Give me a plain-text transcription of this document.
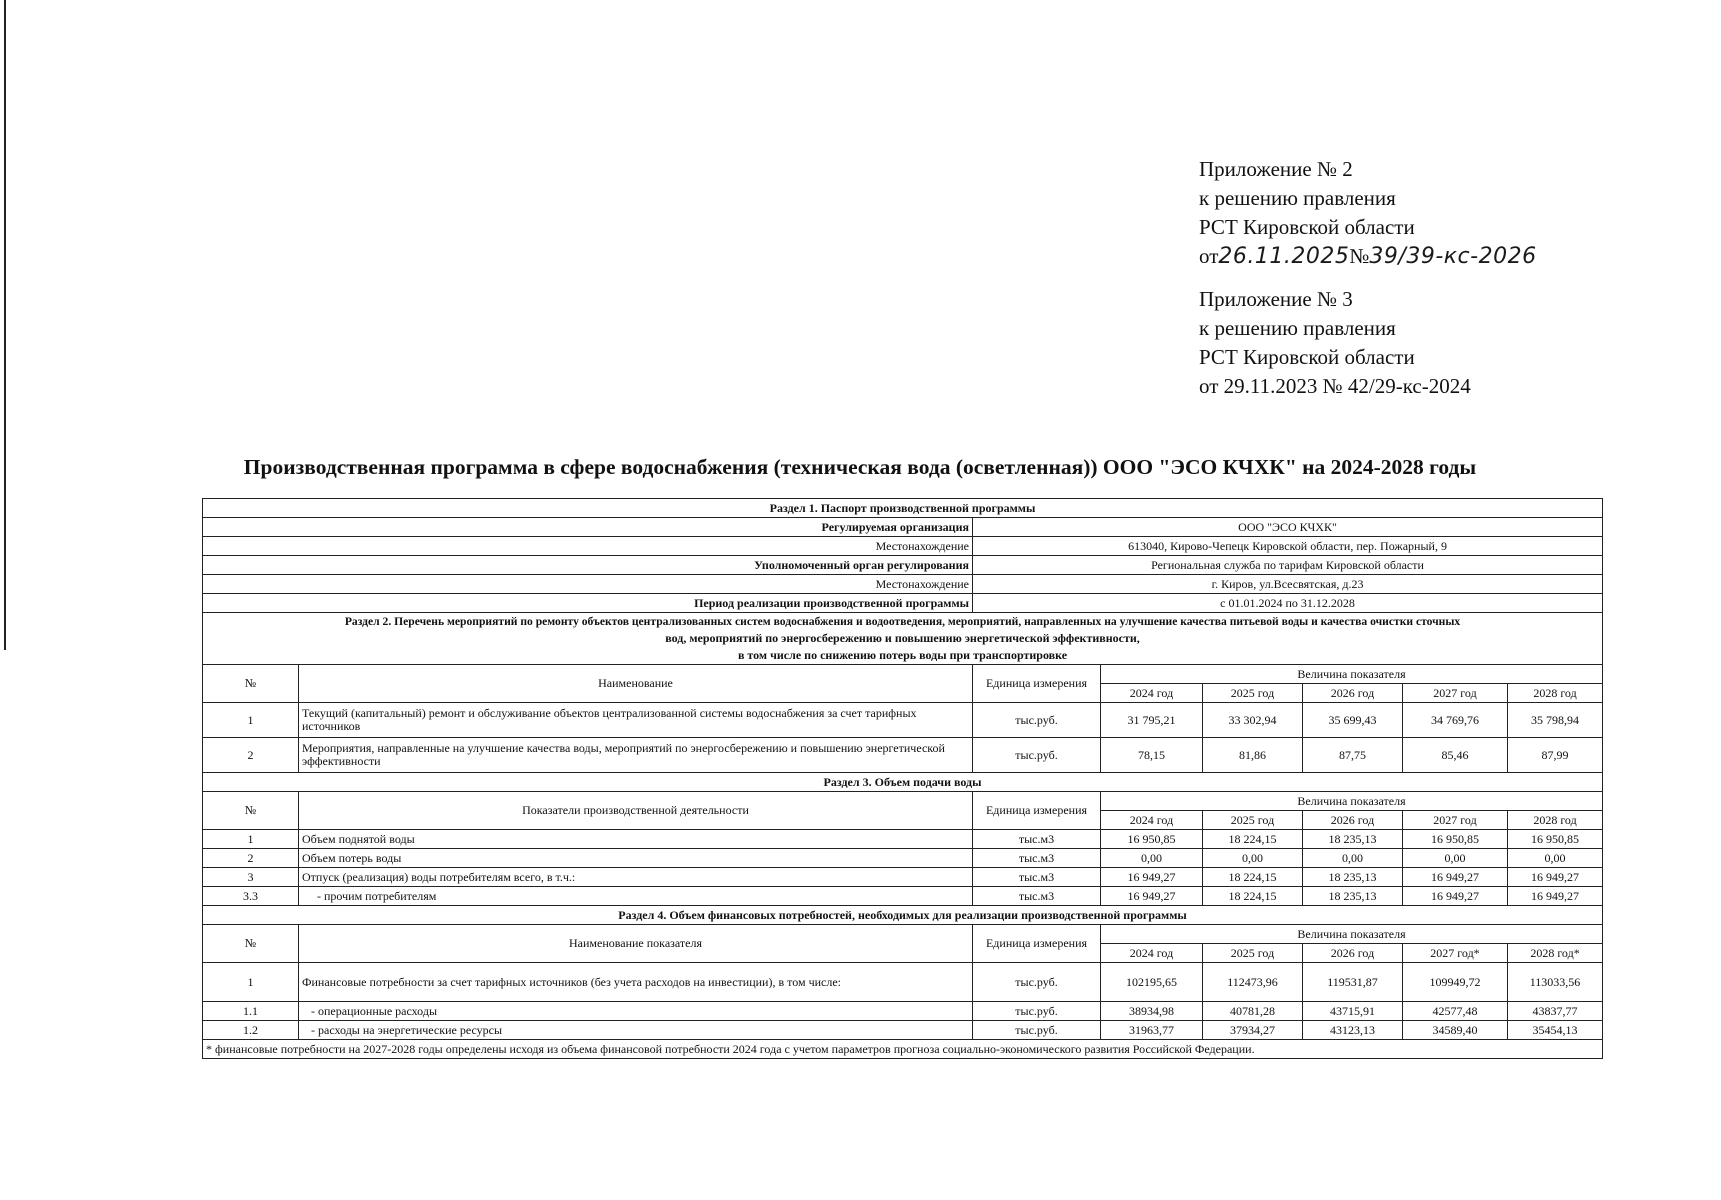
Приложение № 2
к решению правления
РСТ Кировской области
от26.11.2025№39/39-кс-2026
Приложение № 3
к решению правления
РСТ Кировской области
от 29.11.2023 № 42/29-кс-2024
Производственная программа в сфере водоснабжения (техническая вода (осветленная)) ООО "ЭСО КЧХК" на 2024-2028 годы
Раздел 1. Паспорт производственной программы							
Регулируемая организация		ООО "ЭСО КЧХК"					
Местонахождение		613040, Кирово-Чепецк Кировской области, пер. Пожарный, 9					
Уполномоченный орган регулирования		Региональная служба по тарифам Кировской области					
Местонахождение		г. Киров, ул.Всесвятская, д.23					
Период реализации производственной программы		с 01.01.2024 по 31.12.2028					

Раздел 2. Перечень мероприятий по ремонту объектов централизованных систем водоснабжения и водоотведения, мероприятий, направленных на улучшение качества питьевой воды и качества очистки сточных
вод, мероприятий по энергосбережению и повышению энергетической эффективности,
в том числе по снижению потерь воды при транспортировке							

№	Наименование	Единица измерения	Величина показателя				
			2024 год	2025 год	2026 год	2027 год	2028 год
1	Текущий (капитальный) ремонт и обслуживание объектов централизованной системы водоснабжения за счет тарифных источников	тыс.руб.	31 795,21	33 302,94	35 699,43	34 769,76	35 798,94
2	Мероприятия, направленные на улучшение качества воды, мероприятий по энергосбережению и повышению энергетической эффективности	тыс.руб.	78,15	81,86	87,75	85,46	87,99
Раздел 3. Объем подачи воды							
№	Показатели производственной деятельности	Единица измерения	Величина показателя				
			2024 год	2025 год	2026 год	2027 год	2028 год
1	Объем поднятой воды	тыс.м3	16 950,85	18 224,15	18 235,13	16 950,85	16 950,85
2	Объем потерь воды	тыс.м3	0,00	0,00	0,00	0,00	0,00
3	Отпуск (реализация) воды потребителям всего, в т.ч.:	тыс.м3	16 949,27	18 224,15	18 235,13	16 949,27	16 949,27
3.3	- прочим потребителям	тыс.м3	16 949,27	18 224,15	18 235,13	16 949,27	16 949,27
Раздел 4. Объем финансовых потребностей, необходимых для реализации производственной программы							
№	Наименование показателя	Единица измерения	Величина показателя				
			2024 год	2025 год	2026 год	2027 год*	2028 год*
1	Финансовые потребности за счет тарифных источников (без учета расходов на инвестиции), в том числе:	тыс.руб.	102195,65	112473,96	119531,87	109949,72	113033,56
1.1	- операционные расходы	тыс.руб.	38934,98	40781,28	43715,91	42577,48	43837,77
1.2	- расходы на энергетические ресурсы	тыс.руб.	31963,77	37934,27	43123,13	34589,40	35454,13
* финансовые потребности на 2027-2028 годы определены исходя из объема финансовой потребности 2024 года с учетом параметров прогноза социально-экономического развития Российской Федерации.							
